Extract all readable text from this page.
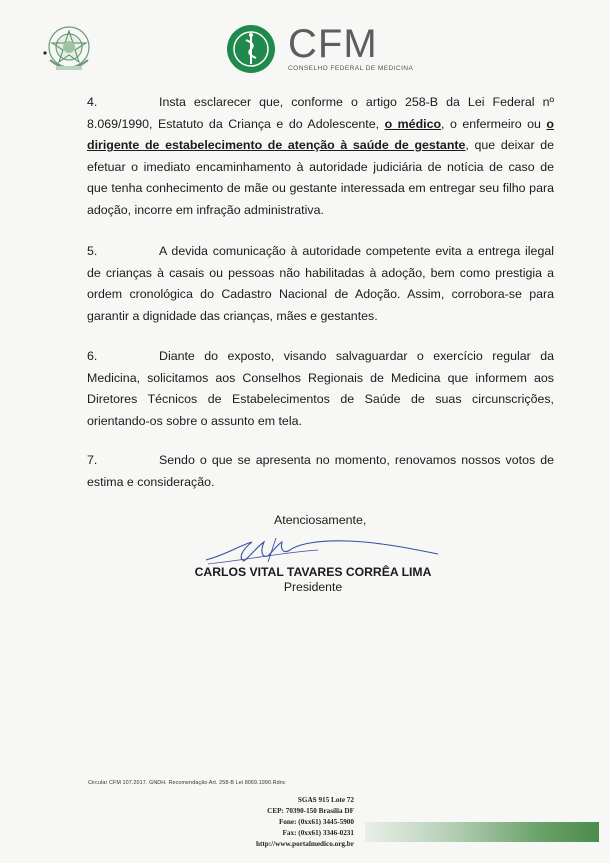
CFM
CONSELHO FEDERAL DE MEDICINA
4.	Insta esclarecer que, conforme o artigo 258-B da Lei Federal nº 8.069/1990, Estatuto da Criança e do Adolescente, o médico, o enfermeiro ou o dirigente de estabelecimento de atenção à saúde de gestante, que deixar de efetuar o imediato encaminhamento à autoridade judiciária de notícia de caso de que tenha conhecimento de mãe ou gestante interessada em entregar seu filho para adoção, incorre em infração administrativa.
5.	A devida comunicação à autoridade competente evita a entrega ilegal de crianças à casais ou pessoas não habilitadas à adoção, bem como prestigia a ordem cronológica do Cadastro Nacional de Adoção. Assim, corrobora-se para garantir a dignidade das crianças, mães e gestantes.
6.	Diante do exposto, visando salvaguardar o exercício regular da Medicina, solicitamos aos Conselhos Regionais de Medicina que informem aos Diretores Técnicos de Estabelecimentos de Saúde de suas circunscrições, orientando-os sobre o assunto em tela.
7.	Sendo o que se apresenta no momento, renovamos nossos votos de estima e consideração.
Atenciosamente,
CARLOS VITAL TAVARES CORRÊA LIMA
Presidente
Circular CFM 107.2017. GNDH. Recomendação Art. 258-B Lei 8069.1990.Rdnc
SGAS 915 Lote 72
CEP: 70390-150 Brasília DF
Fone: (0xx61) 3445-5900
Fax: (0xx61) 3346-0231
http://www.portalmedico.org.br
